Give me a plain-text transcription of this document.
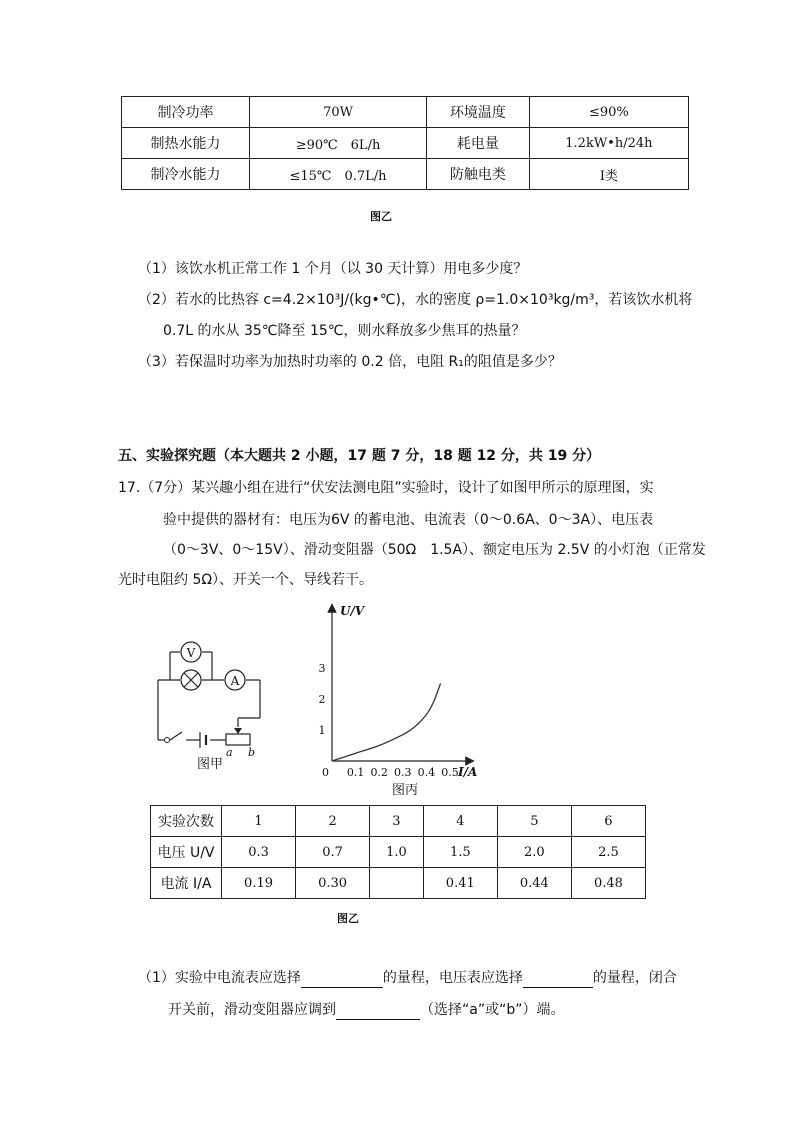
制冷功率	70W	环境温度	≤90%
制热水能力	≥90℃　6L/h	耗电量	1.2kW•h/24h
制冷水能力	≤15℃　0.7L/h	防触电类	Ⅰ类
图乙
（1）该饮水机正常工作 1 个月（以 30 天计算）用电多少度？
（2）若水的比热容 c=4.2×10³J/(kg•℃)，水的密度 ρ=1.0×10³kg/m³，若该饮水机将
0.7L 的水从 35℃降至 15℃，则水释放多少焦耳的热量？
（3）若保温时功率为加热时功率的 0.2 倍，电阻 R₁的阻值是多少？
五、实验探究题（本大题共 2 小题，17 题 7 分，18 题 12 分，共 19 分）
17.（7分）某兴趣小组在进行“伏安法测电阻”实验时，设计了如图甲所示的原理图，实
验中提供的器材有：电压为6V 的蓄电池、电流表（0～0.6A、0～3A）、电压表
（0～3V、0～15V）、滑动变阻器（50Ω　1.5A）、额定电压为 2.5V 的小灯泡（正常发
光时电阻约 5Ω）、开关一个、导线若干。
V
A
a b
图甲
U/V
I/A
0 0.1 0.2 0.3 0.4 0.5
1
2
3
图丙
实验次数	1	2	3	4	5	6
电压 U/V	0.3	0.7	1.0	1.5	2.0	2.5
电流 I/A	0.19	0.30		0.41	0.44	0.48
图乙
（1）实验中电流表应选择	的量程，电压表应选择	的量程，闭合
开关前，滑动变阻器应调到	（选择“a”或“b”）端。
